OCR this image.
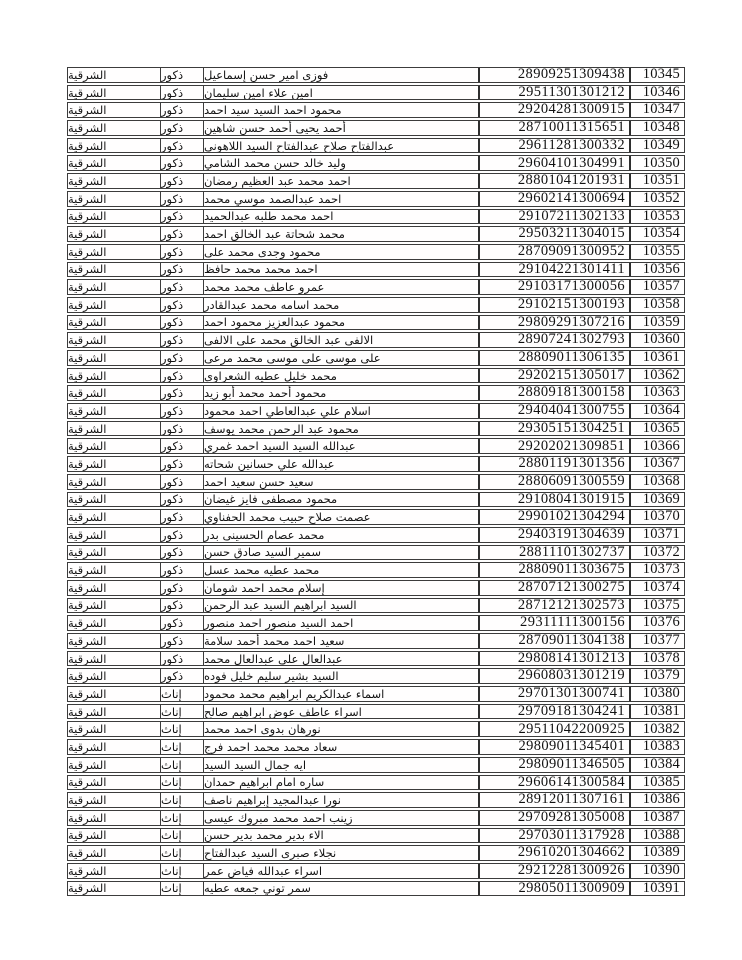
الشرقية	ذكور	فوزى امير حسن إسماعيل	28909251309438	10345
الشرقية	ذكور	امين علاء امين سليمان	29511301301212	10346
الشرقية	ذكور	محمود احمد السيد سيد احمد	29204281300915	10347
الشرقية	ذكور	أحمد يحيى أحمد حسن شاهين	28710011315651	10348
الشرقية	ذكور	عبدالفتاح صلاح عبدالفتاح السيد اللاهوني	29611281300332	10349
الشرقية	ذكور	وليد خالد حسن محمد الشامي	29604101304991	10350
الشرقية	ذكور	احمد محمد عبد العظيم رمضان	28801041201931	10351
الشرقية	ذكور	احمد عبدالصمد موسي محمد	29602141300694	10352
الشرقية	ذكور	احمد محمد طلبه عبدالحميد	29107211302133	10353
الشرقية	ذكور	محمد شحاتة عبد الخالق احمد	29503211304015	10354
الشرقية	ذكور	محمود وجدى محمد على	28709091300952	10355
الشرقية	ذكور	احمد محمد محمد حافظ	29104221301411	10356
الشرقية	ذكور	عمرو عاطف محمد محمد	29103171300056	10357
الشرقية	ذكور	محمد اسامه محمد عبدالقادر	29102151300193	10358
الشرقية	ذكور	محمود عبدالعزيز محمود احمد	29809291307216	10359
الشرقية	ذكور	الالفى عبد الخالق محمد على الالفى	28907241302793	10360
الشرقية	ذكور	على موسى على موسى محمد مرعى	28809011306135	10361
الشرقية	ذكور	محمد خليل عطيه الشعراوى	29202151305017	10362
الشرقية	ذكور	محمود أحمد محمد أبو زيد	28809181300158	10363
الشرقية	ذكور	اسلام علي عبدالعاطي احمد محمود	29404041300755	10364
الشرقية	ذكور	محمود عبد الرحمن محمد يوسف	29305151304251	10365
الشرقية	ذكور	عبدالله السيد السيد احمد غمري	29202021309851	10366
الشرقية	ذكور	عبدالله علي حسانين شحاته	28801191301356	10367
الشرقية	ذكور	سعيد حسن سعيد احمد	28806091300559	10368
الشرقية	ذكور	محمود مصطفى فايز غيضان	29108041301915	10369
الشرقية	ذكور	عصمت صلاح حبيب محمد الحفناوي	29901021304294	10370
الشرقية	ذكور	محمد عصام الحسينى بدر	29403191304639	10371
الشرقية	ذكور	سمير السيد صادق حسن	28811101302737	10372
الشرقية	ذكور	محمد عطيه محمد عسل	28809011303675	10373
الشرقية	ذكور	إسلام محمد احمد شومان	28707121300275	10374
الشرقية	ذكور	السيد ابراهيم السيد عبد الرحمن	28712121302573	10375
الشرقية	ذكور	احمد السيد منصور احمد منصور	29311111300156	10376
الشرقية	ذكور	سعيد احمد محمد أحمد سلامة	28709011304138	10377
الشرقية	ذكور	عبدالعال علي عبدالعال محمد	29808141301213	10378
الشرقية	ذكور	السيد بشير سليم خليل فوده	29608031301219	10379
الشرقية	إناث	اسماء عبدالكريم ابراهيم محمد محمود	29701301300741	10380
الشرقية	إناث	اسراء عاطف عوض ابراهيم صالح	29709181304241	10381
الشرقية	إناث	نورهان بدوى احمد محمد	29511042200925	10382
الشرقية	إناث	سعاد محمد محمد احمد فرج	29809011345401	10383
الشرقية	إناث	ايه جمال السيد السيد	29809011346505	10384
الشرقية	إناث	ساره امام ابراهيم حمدان	29606141300584	10385
الشرقية	إناث	نورا عبدالمجيد إبراهيم ناصف	28912011307161	10386
الشرقية	إناث	زينب احمد محمد مبروك عيسى	29709281305008	10387
الشرقية	إناث	الاء بدير محمد بدير حسن	29703011317928	10388
الشرقية	إناث	نجلاء صبرى السيد عبدالفتاح	29610201304662	10389
الشرقية	إناث	اسراء عبدالله فياض عمر	29212281300926	10390
الشرقية	إناث	سمر توني جمعه عطيه	29805011300909	10391
